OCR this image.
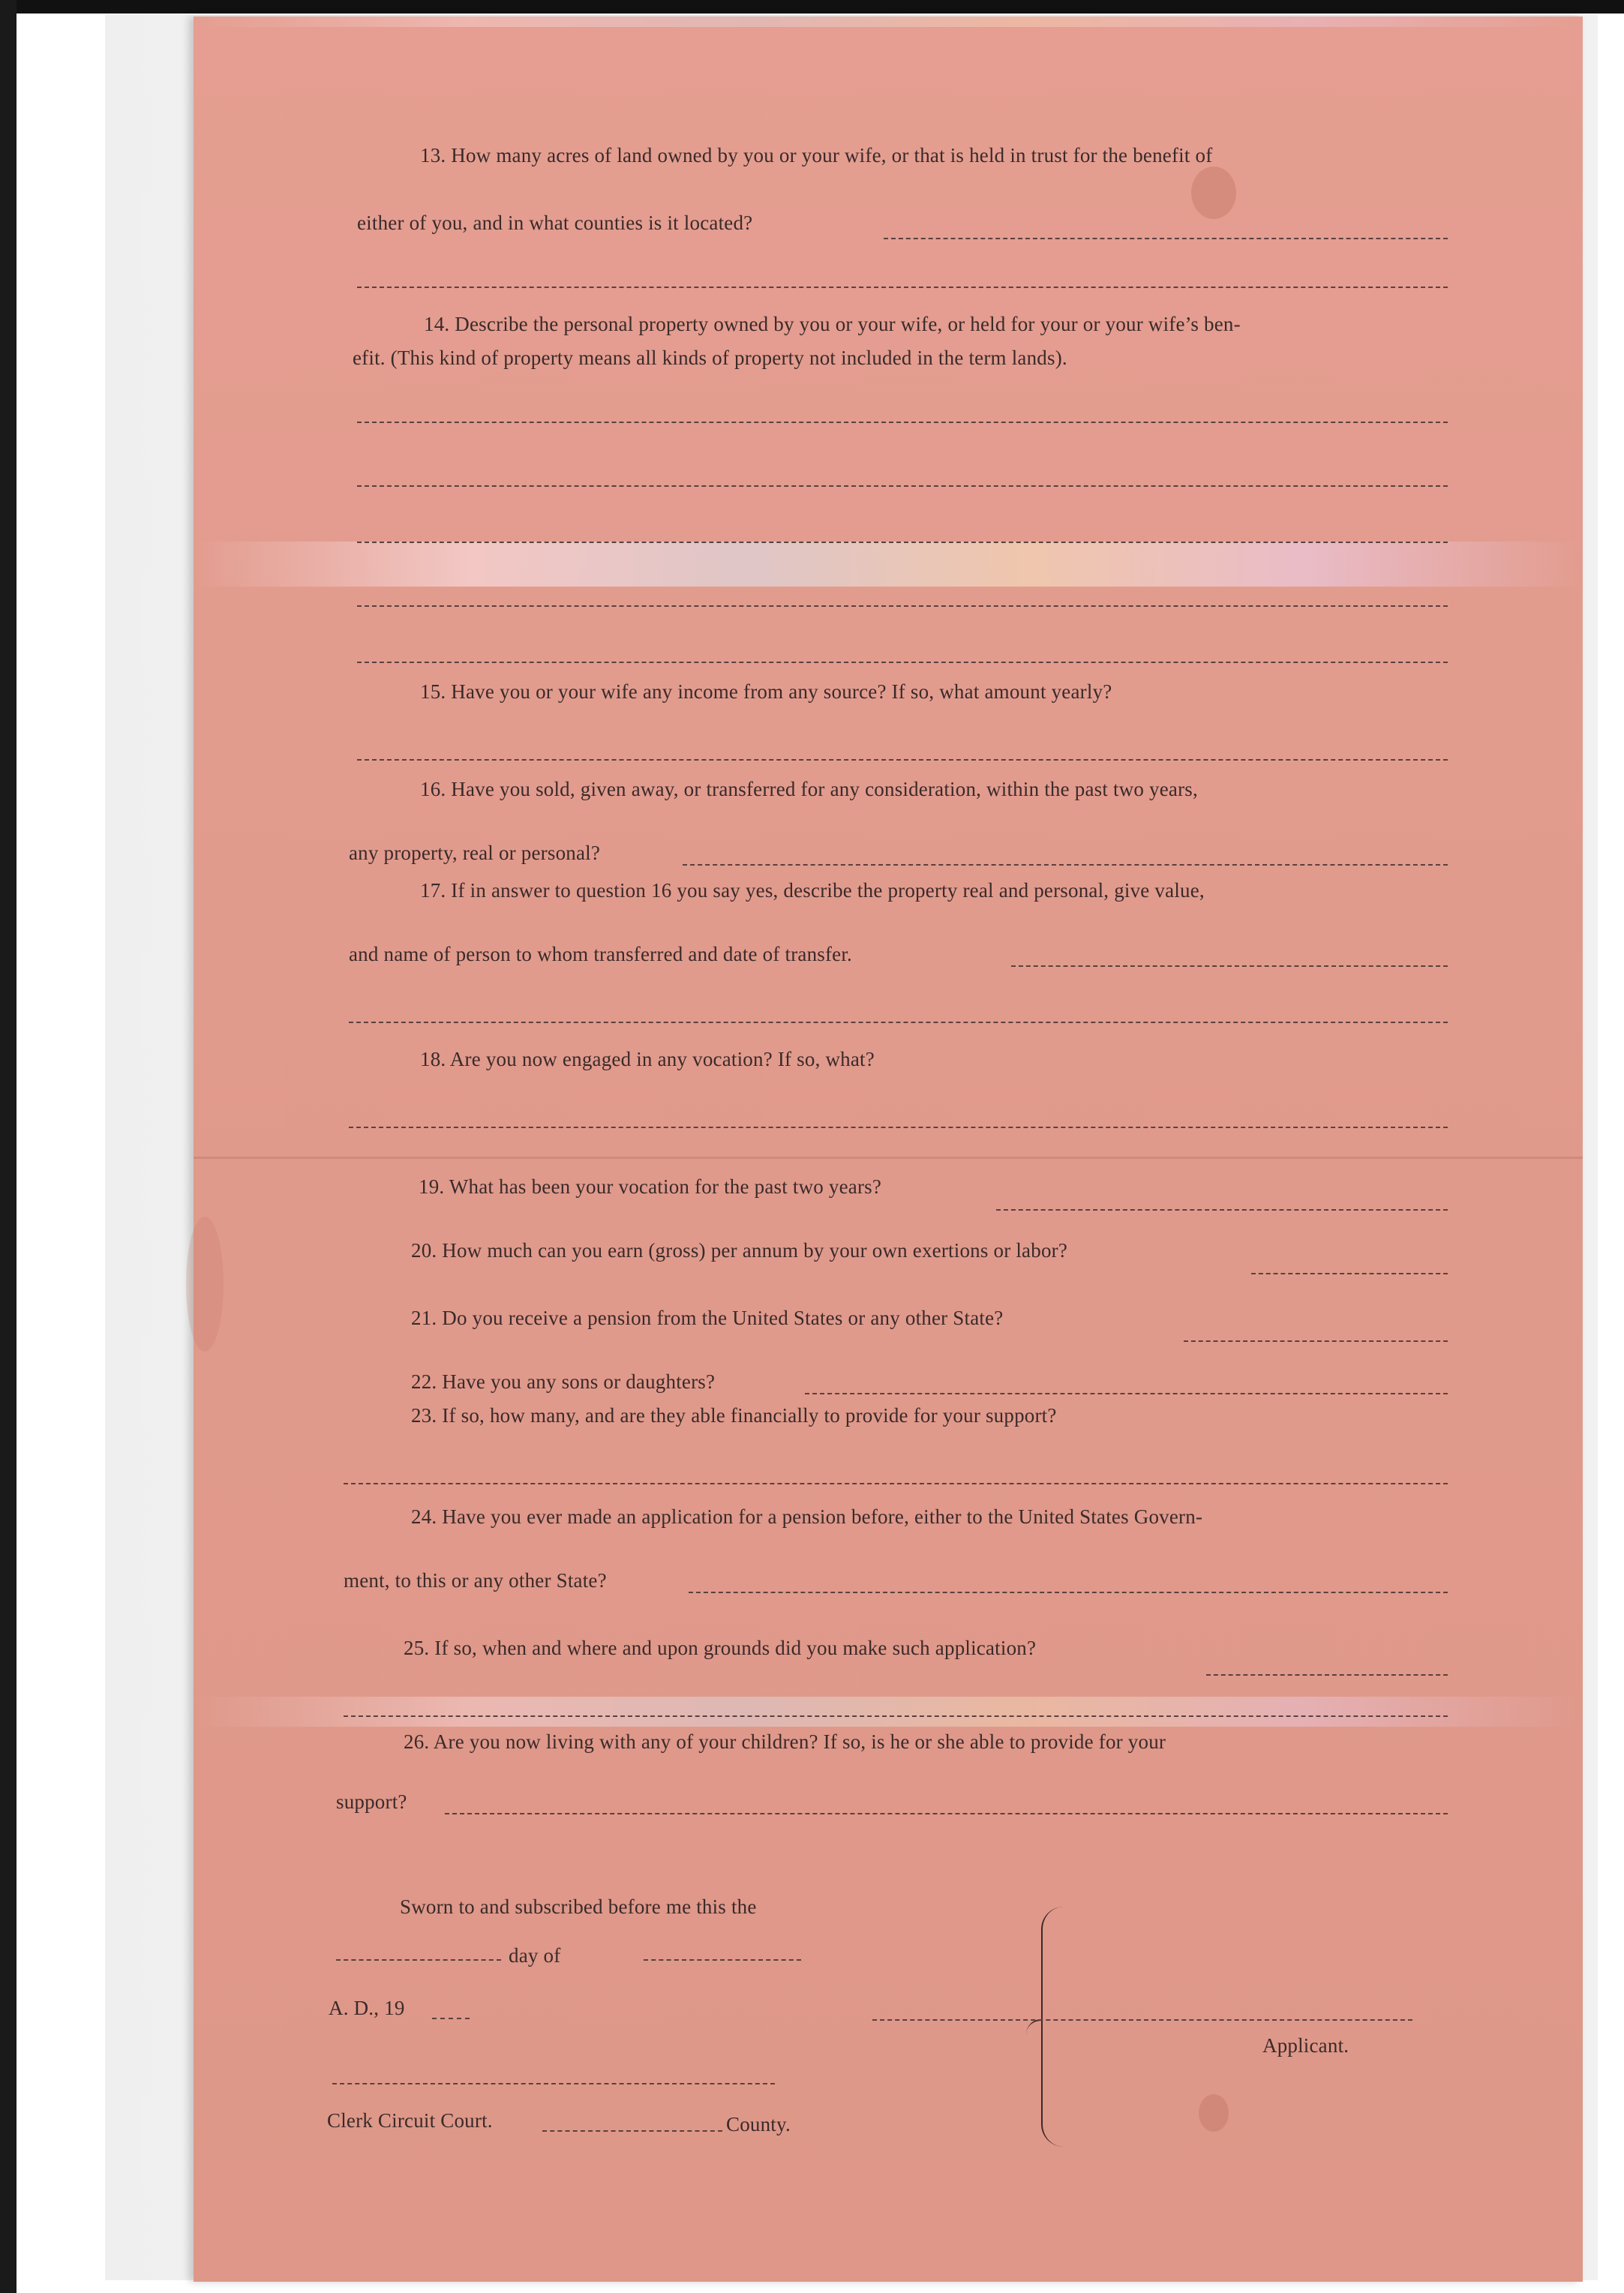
13. How many acres of land owned by you or your wife, or that is held in trust for the benefit of
either of you, and in what counties is it located?
14. Describe the personal property owned by you or your wife, or held for your or your wife’s ben-
efit. (This kind of property means all kinds of property not included in the term lands).
15. Have you or your wife any income from any source? If so, what amount yearly?
16. Have you sold, given away, or transferred for any consideration, within the past two years,
any property, real or personal?
17. If in answer to question 16 you say yes, describe the property real and personal, give value,
and name of person to whom transferred and date of transfer.
18. Are you now engaged in any vocation? If so, what?
19. What has been your vocation for the past two years?
20. How much can you earn (gross) per annum by your own exertions or labor?
21. Do you receive a pension from the United States or any other State?
22. Have you any sons or daughters?
23. If so, how many, and are they able financially to provide for your support?
24. Have you ever made an application for a pension before, either to the United States Govern-
ment, to this or any other State?
25. If so, when and where and upon grounds did you make such application?
26. Are you now living with any of your children? If so, is he or she able to provide for your
support?
Sworn to and subscribed before me this the
day of
A. D., 19
Clerk Circuit Court.	County.
Applicant.
